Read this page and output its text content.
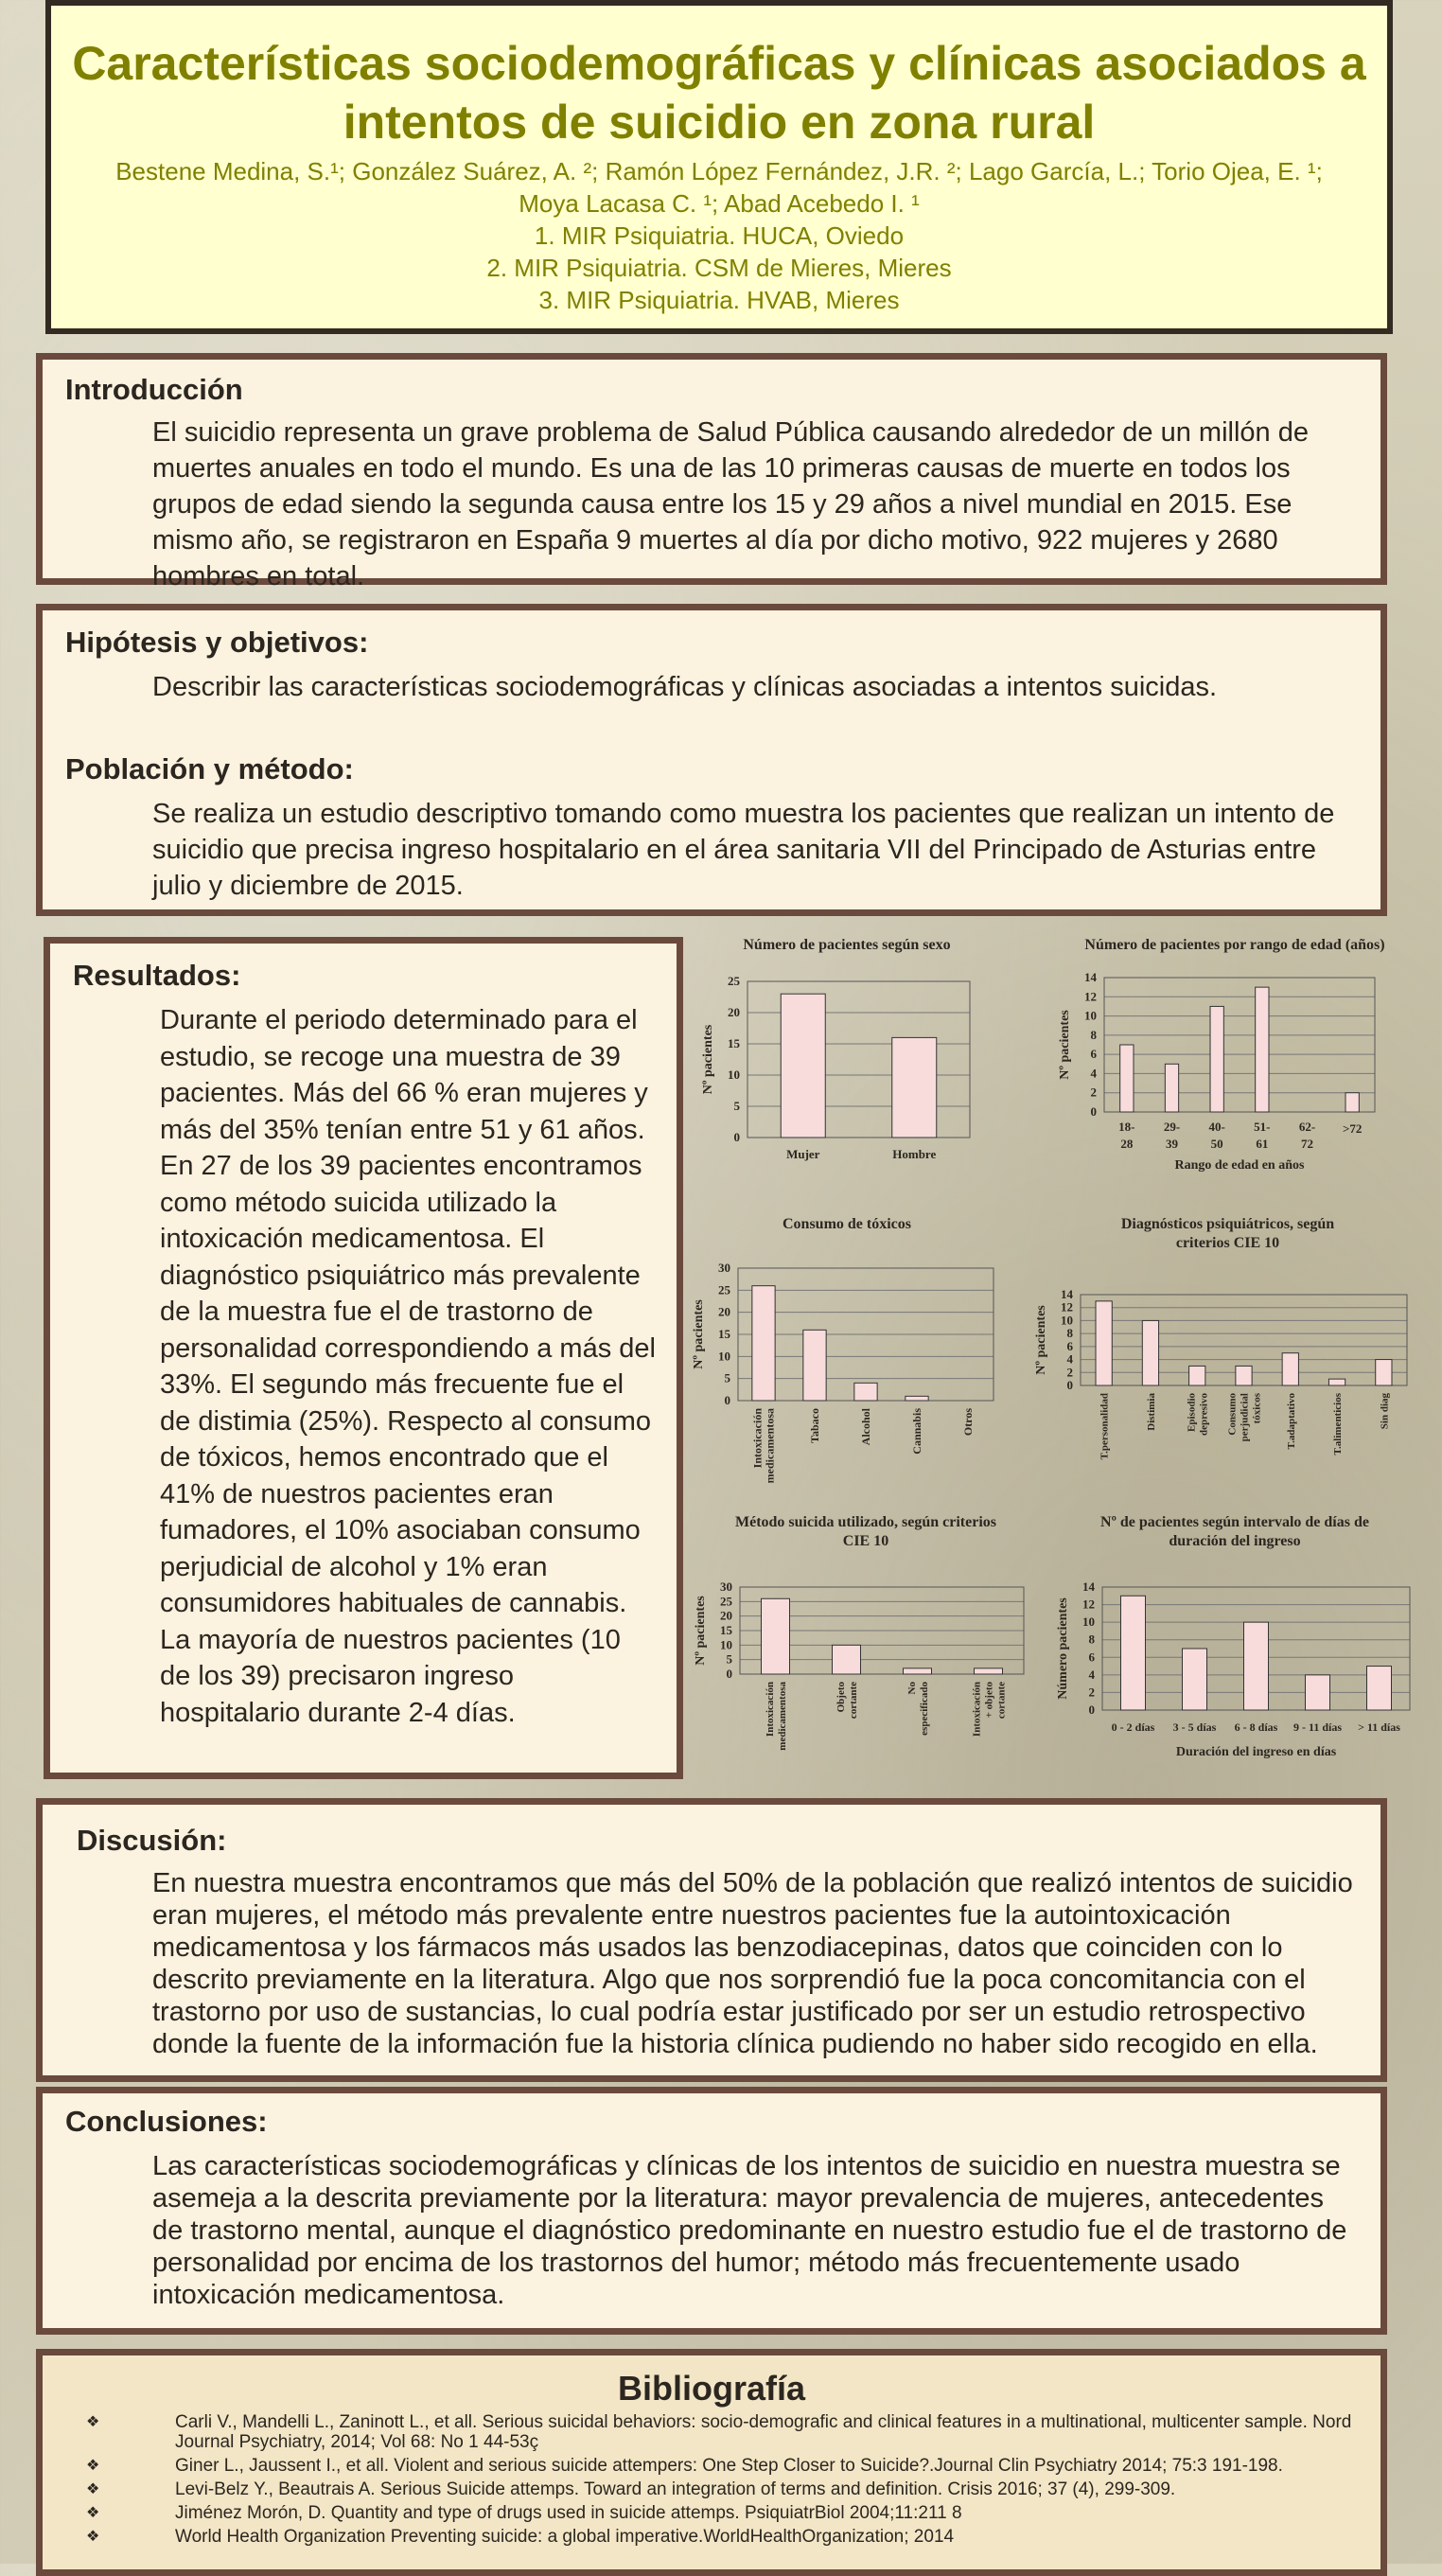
Características sociodemográficas y clínicas asociados a intentos de suicidio en zona rural
Bestene Medina, S.¹; González Suárez, A. ²; Ramón López Fernández, J.R. ²; Lago García, L.; Torio Ojea, E. ¹; Moya Lacasa C. ¹; Abad Acebedo I. ¹
1. MIR Psiquiatria. HUCA, Oviedo
2. MIR Psiquiatria. CSM de Mieres, Mieres
3. MIR Psiquiatria. HVAB, Mieres
Introducción
El suicidio representa un grave problema de Salud Pública causando alrededor de un millón de muertes anuales en todo el mundo. Es una de las 10 primeras causas de muerte en todos los grupos de edad siendo la segunda causa entre los 15 y 29 años a nivel mundial en 2015. Ese mismo año, se registraron en España 9 muertes al día por dicho motivo, 922 mujeres y 2680 hombres en total.
Hipótesis y objetivos:
Describir las características sociodemográficas y clínicas asociadas a intentos suicidas.
Población y método:
Se realiza un estudio descriptivo tomando como muestra los pacientes que realizan un intento de suicidio que precisa ingreso hospitalario en el área sanitaria VII del Principado de Asturias entre julio y diciembre de 2015.
Resultados:
Durante el periodo determinado para el estudio, se recoge una muestra de 39 pacientes. Más del 66 % eran mujeres y más del 35% tenían entre 51 y 61 años. En 27 de los 39 pacientes encontramos como método suicida utilizado la intoxicación medicamentosa. El diagnóstico psiquiátrico más prevalente de la muestra fue el de trastorno de personalidad correspondiendo a más del 33%. El segundo más frecuente fue el de distimia (25%). Respecto al consumo de tóxicos, hemos encontrado que el 41% de nuestros pacientes eran fumadores, el 10% asociaban consumo perjudicial de alcohol y 1% eran consumidores habituales de cannabis. La mayoría de nuestros pacientes (10 de los 39) precisaron ingreso hospitalario durante 2-4 días.
Número de pacientes según sexo
0
5
10
15
20
25
Nº pacientes
Mujer	Hombre
Número de pacientes por rango de edad (años)
0
2
4
6
8
10
12
14
Nº pacientes
18-
28
29-
39
40-
50
51-
61
62-
72
>72
Rango de edad en años
Consumo de tóxicos
0
5
10
15
20
25
30
Nº pacientes
Intoxicación medicamentosa	Tabaco	Alcohol	Cannabis	Otros
Diagnósticos psiquiátricos, según
criterios CIE 10
0
2
4
6
8
10
12
14
Nº pacientes
T.personalidad	Distimia	Episodio depresivo Consumo perjudicial tóxicos T.adaptativo	T.alimenticios	Sin diag
Método suicida utilizado, según criterios
CIE 10
0
5
10
15
20
25
30
Nº pacientes
Intoxicación medicamentosa	Objeto cortante	No especificado	Intoxicación + objeto cortante
Nº de pacientes según intervalo de días de
duración del ingreso
0
2
4
6
8
10
12
14
Número pacientes
0 - 2 días 3 - 5 días 6 - 8 días 9 - 11 días > 11 días
Duración del ingreso en días
Discusión:
En nuestra muestra encontramos que más del 50% de la población que realizó intentos de suicidio eran mujeres, el método más prevalente entre nuestros pacientes fue la autointoxicación medicamentosa y los fármacos más usados las benzodiacepinas, datos que coinciden con lo descrito previamente en la literatura. Algo que nos sorprendió fue la poca concomitancia con el trastorno por uso de sustancias, lo cual podría estar justificado por ser un estudio retrospectivo donde la fuente de la información fue la historia clínica pudiendo no haber sido recogido en ella.
Conclusiones:
Las características sociodemográficas y clínicas de los intentos de suicidio en nuestra muestra se asemeja a la descrita previamente por la literatura: mayor prevalencia de mujeres, antecedentes de trastorno mental, aunque el diagnóstico predominante en nuestro estudio fue el de trastorno de personalidad por encima de los trastornos del humor; método más frecuentemente usado intoxicación medicamentosa.
Bibliografía
❖	Carli V., Mandelli L., Zaninott L., et all. Serious suicidal behaviors: socio-demografic and clinical features in a multinational, multicenter sample. Nord Journal Psychiatry, 2014; Vol 68: No 1 44-53ç
❖	Giner L., Jaussent I., et all. Violent and serious suicide attempers: One Step Closer to Suicide?.Journal Clin Psychiatry 2014; 75:3 191-198.
❖	Levi-Belz Y., Beautrais A. Serious Suicide attemps. Toward an integration of terms and definition. Crisis 2016; 37 (4), 299-309.
❖	Jiménez Morón, D. Quantity and type of drugs used in suicide attemps. PsiquiatrBiol 2004;11:211 8
❖	World Health Organization Preventing suicide: a global imperative.WorldHealthOrganization; 2014
